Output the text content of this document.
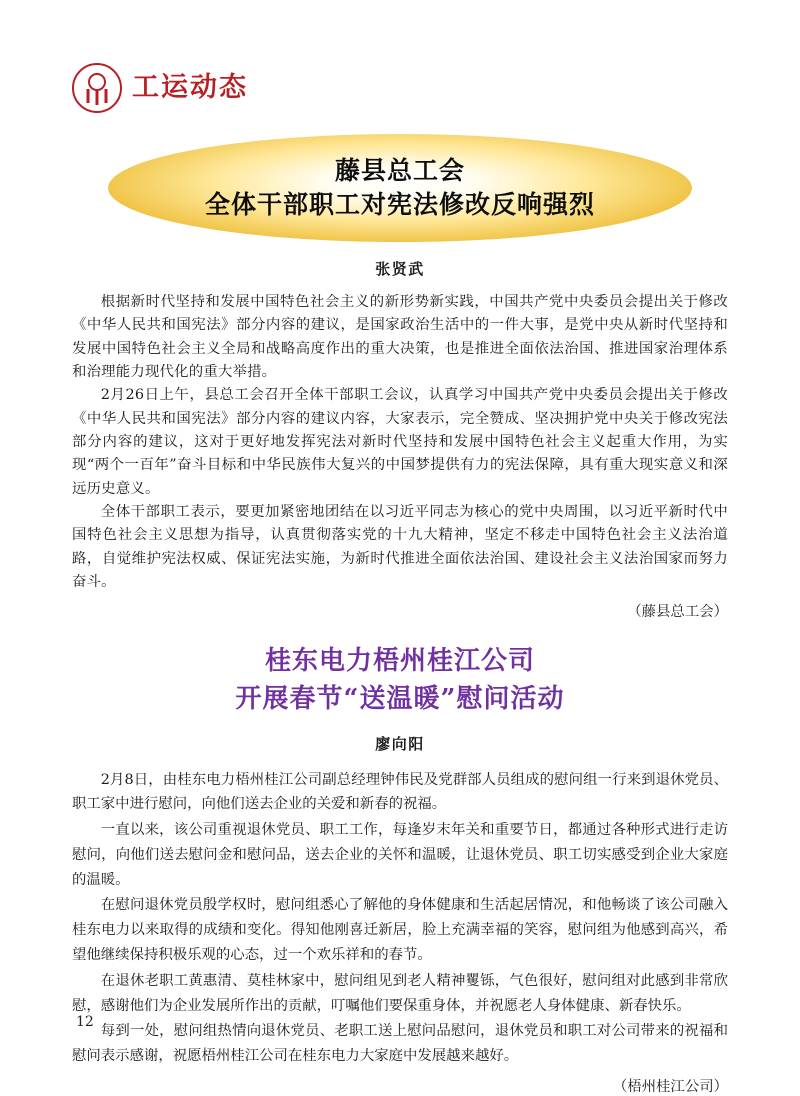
工运动态
藤县总工会
全体干部职工对宪法修改反响强烈
张贤武

根据新时代坚持和发展中国特色社会主义的新形势新实践，中国共产党中央委员会提出关于修改《中华人民共和国宪法》部分内容的建议，是国家政治生活中的一件大事，是党中央从新时代坚持和发展中国特色社会主义全局和战略高度作出的重大决策，也是推进全面依法治国、推进国家治理体系和治理能力现代化的重大举措。

2月26日上午，县总工会召开全体干部职工会议，认真学习中国共产党中央委员会提出关于修改《中华人民共和国宪法》部分内容的建议内容，大家表示，完全赞成、坚决拥护党中央关于修改宪法部分内容的建议，这对于更好地发挥宪法对新时代坚持和发展中国特色社会主义起重大作用，为实现“两个一百年”奋斗目标和中华民族伟大复兴的中国梦提供有力的宪法保障，具有重大现实意义和深远历史意义。

全体干部职工表示，要更加紧密地团结在以习近平同志为核心的党中央周围，以习近平新时代中国特色社会主义思想为指导，认真贯彻落实党的十九大精神，坚定不移走中国特色社会主义法治道路，自觉维护宪法权威、保证宪法实施，为新时代推进全面依法治国、建设社会主义法治国家而努力奋斗。

（藤县总工会）
桂东电力梧州桂江公司
开展春节“送温暖”慰问活动
廖向阳

2月8日，由桂东电力梧州桂江公司副总经理钟伟民及党群部人员组成的慰问组一行来到退休党员、职工家中进行慰问，向他们送去企业的关爱和新春的祝福。

一直以来，该公司重视退休党员、职工工作，每逢岁末年关和重要节日，都通过各种形式进行走访慰问，向他们送去慰问金和慰问品，送去企业的关怀和温暖，让退休党员、职工切实感受到企业大家庭的温暖。

在慰问退休党员殷学权时，慰问组悉心了解他的身体健康和生活起居情况，和他畅谈了该公司融入桂东电力以来取得的成绩和变化。得知他刚喜迁新居，脸上充满幸福的笑容，慰问组为他感到高兴，希望他继续保持积极乐观的心态，过一个欢乐祥和的春节。

在退休老职工黄惠清、莫桂林家中，慰问组见到老人精神矍铄，气色很好，慰问组对此感到非常欣慰，感谢他们为企业发展所作出的贡献，叮嘱他们要保重身体，并祝愿老人身体健康、新春快乐。

每到一处，慰问组热情向退休党员、老职工送上慰问品慰问，退休党员和职工对公司带来的祝福和慰问表示感谢，祝愿梧州桂江公司在桂东电力大家庭中发展越来越好。

（梧州桂江公司）
12
